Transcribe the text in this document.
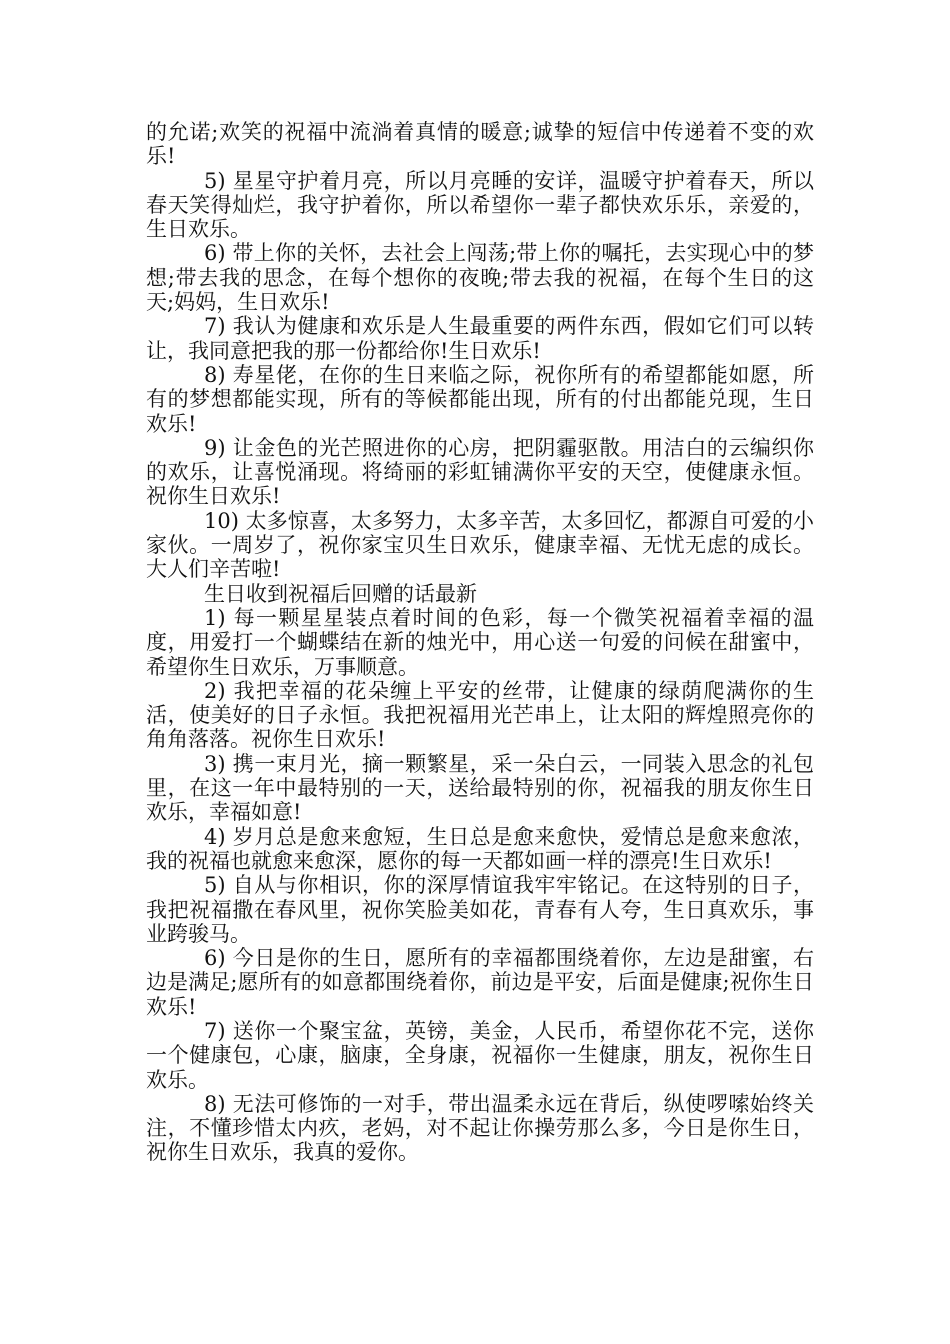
的允诺;欢笑的祝福中流淌着真情的暖意;诚挚的短信中传递着不变的欢乐!

5) 星星守护着月亮，所以月亮睡的安详，温暖守护着春天，所以春天笑得灿烂，我守护着你，所以希望你一辈子都快欢乐乐，亲爱的，生日欢乐。

6) 带上你的关怀，去社会上闯荡;带上你的嘱托，去实现心中的梦想;带去我的思念，在每个想你的夜晚;带去我的祝福，在每个生日的这天;妈妈，生日欢乐!

7) 我认为健康和欢乐是人生最重要的两件东西，假如它们可以转让，我同意把我的那一份都给你!生日欢乐!

8) 寿星佬，在你的生日来临之际，祝你所有的希望都能如愿，所有的梦想都能实现，所有的等候都能出现，所有的付出都能兑现，生日欢乐!

9) 让金色的光芒照进你的心房，把阴霾驱散。用洁白的云编织你的欢乐，让喜悦涌现。将绮丽的彩虹铺满你平安的天空，使健康永恒。祝你生日欢乐!

10) 太多惊喜，太多努力，太多辛苦，太多回忆，都源自可爱的小家伙。一周岁了，祝你家宝贝生日欢乐，健康幸福、无忧无虑的成长。大人们辛苦啦!

生日收到祝福后回赠的话最新

1) 每一颗星星装点着时间的色彩，每一个微笑祝福着幸福的温度，用爱打一个蝴蝶结在新的烛光中，用心送一句爱的问候在甜蜜中，希望你生日欢乐，万事顺意。

2) 我把幸福的花朵缠上平安的丝带，让健康的绿荫爬满你的生活，使美好的日子永恒。我把祝福用光芒串上，让太阳的辉煌照亮你的角角落落。祝你生日欢乐!

3) 携一束月光，摘一颗繁星，采一朵白云，一同装入思念的礼包里，在这一年中最特别的一天，送给最特别的你，祝福我的朋友你生日欢乐，幸福如意!

4) 岁月总是愈来愈短，生日总是愈来愈快，爱情总是愈来愈浓，我的祝福也就愈来愈深，愿你的每一天都如画一样的漂亮!生日欢乐!

5) 自从与你相识，你的深厚情谊我牢牢铭记。在这特别的日子，我把祝福撒在春风里，祝你笑脸美如花，青春有人夸，生日真欢乐，事业跨骏马。

6) 今日是你的生日，愿所有的幸福都围绕着你，左边是甜蜜，右边是满足;愿所有的如意都围绕着你，前边是平安，后面是健康;祝你生日欢乐!

7) 送你一个聚宝盆，英镑，美金，人民币，希望你花不完，送你一个健康包，心康，脑康，全身康，祝福你一生健康，朋友，祝你生日欢乐。

8) 无法可修饰的一对手，带出温柔永远在背后，纵使啰嗦始终关注，不懂珍惜太内疚，老妈，对不起让你操劳那么多，今日是你生日，祝你生日欢乐，我真的爱你。
